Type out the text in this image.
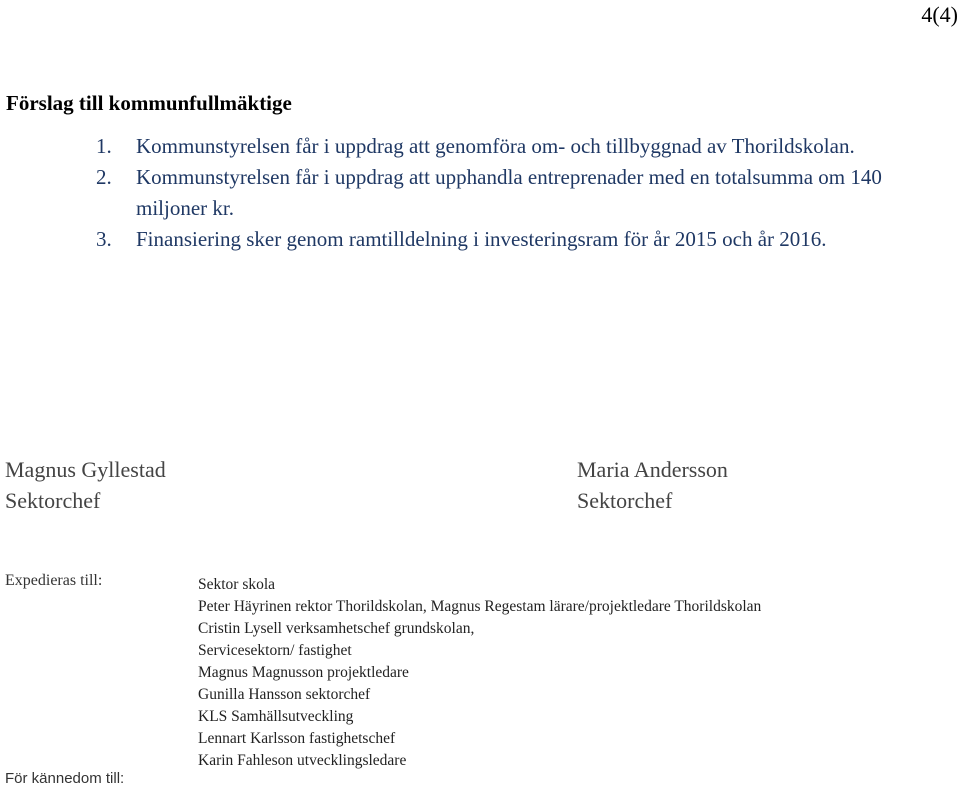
4(4)
Förslag till kommunfullmäktige
1. Kommunstyrelsen får i uppdrag att genomföra om- och tillbyggnad av Thorildskolan.
2. Kommunstyrelsen får i uppdrag att upphandla entreprenader med en totalsumma om 140 miljoner kr.
3. Finansiering sker genom ramtilldelning i investeringsram för år 2015 och år 2016.
Magnus Gyllestad
Sektorchef
Maria Andersson
Sektorchef
Expedieras till:	Sektor skola
Peter Häyrinen rektor Thorildskolan, Magnus Regestam lärare/projektledare Thorildskolan
Cristin Lysell verksamhetschef grundskolan,
Servicesektorn/ fastighet
Magnus Magnusson projektledare
Gunilla Hansson sektorchef
KLS Samhällsutveckling
Lennart Karlsson fastighetschef
Karin Fahleson utvecklingsledare
För kännedom till:
